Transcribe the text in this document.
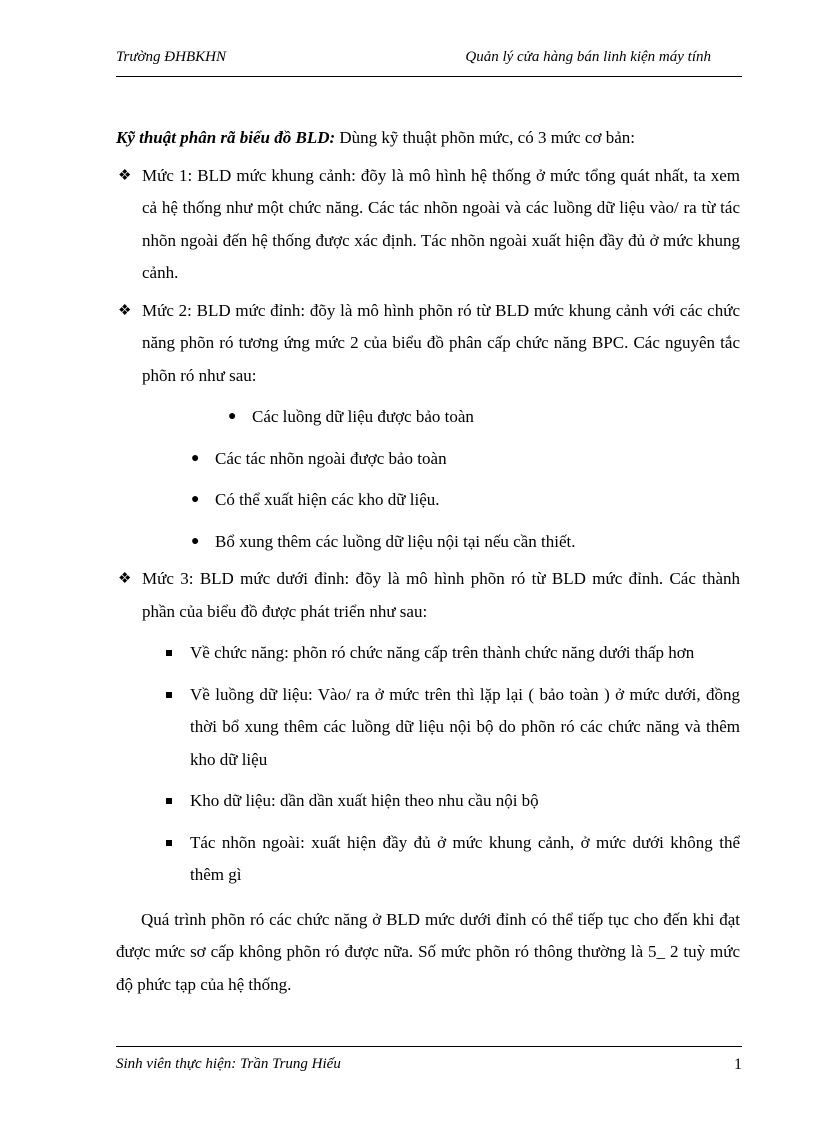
Trường ĐHBKHN	Quản lý cửa hàng bán linh kiện máy tính

Kỹ thuật phân rã biểu đồ BLD: Dùng kỹ thuật phõn mức, có 3 mức cơ bản:

❖ Mức 1: BLD mức khung cảnh: đõy là mô hình hệ thống ở mức tổng quát nhất, ta xem cả hệ thống như một chức năng. Các tác nhõn ngoài và các luồng dữ liệu vào/ ra từ tác nhõn ngoài đến hệ thống được xác định. Tác nhõn ngoài xuất hiện đầy đủ ở mức khung cảnh.
❖ Mức 2: BLD mức đỉnh: đõy là mô hình phõn ró từ BLD mức khung cảnh với các chức năng phõn ró tương ứng mức 2 của biểu đồ phân cấp chức năng BPC. Các nguyên tắc phõn ró như sau:
● Các luồng dữ liệu được bảo toàn
● Các tác nhõn ngoài được bảo toàn
● Có thể xuất hiện các kho dữ liệu.
● Bổ xung thêm các luồng dữ liệu nội tại nếu cần thiết.
❖ Mức 3: BLD mức dưới đỉnh: đõy là mô hình phõn ró từ BLD mức đỉnh. Các thành phần của biểu đồ được phát triển như sau:
Về chức năng: phõn ró chức năng cấp trên thành chức năng dưới thấp hơn
Về luồng dữ liệu: Vào/ ra ở mức trên thì lặp lại ( bảo toàn ) ở mức dưới, đồng thời bổ xung thêm các luồng dữ liệu nội bộ do phõn ró các chức năng và thêm kho dữ liệu
Kho dữ liệu: dần dần xuất hiện theo nhu cầu nội bộ
Tác nhõn ngoài: xuất hiện đầy đủ ở mức khung cảnh, ở mức dưới không thể thêm gì

Quá trình phõn ró các chức năng ở BLD mức dưới đỉnh có thể tiếp tục cho đến khi đạt được mức sơ cấp không phõn ró được nữa. Số mức phõn ró thông thường là 5_ 2 tuỳ mức độ phức tạp của hệ thống.

Sinh viên thực hiện: Trần Trung Hiếu	1
